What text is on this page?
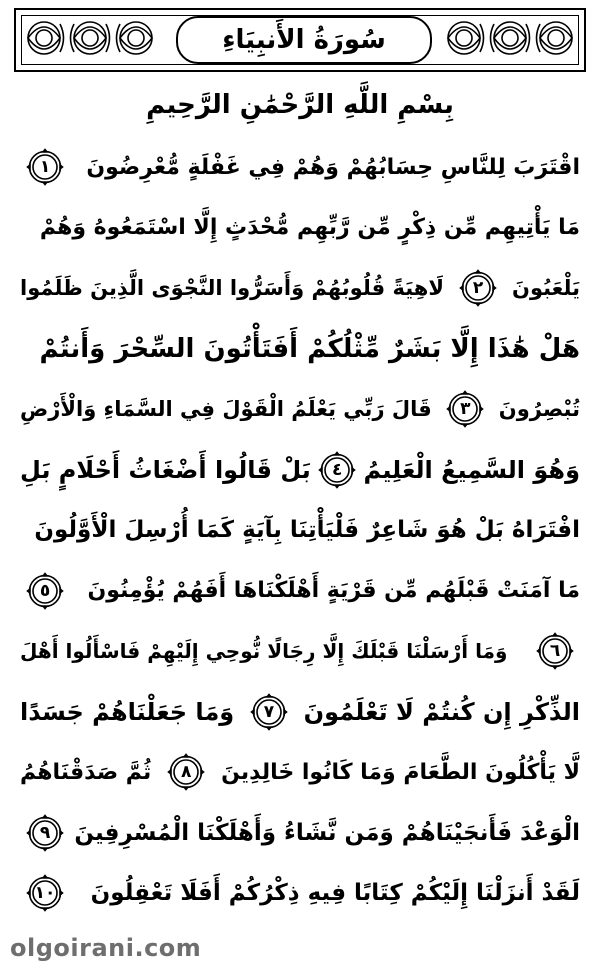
سُورَةُ الأَنبِيَاءِ
بِسْمِ اللَّهِ الرَّحْمَٰنِ الرَّحِيمِ
اقْتَرَبَ لِلنَّاسِ حِسَابُهُمْ وَهُمْ فِي غَفْلَةٍ مُّعْرِضُونَ
١
مَا يَأْتِيهِم مِّن ذِكْرٍ مِّن رَّبِّهِم مُّحْدَثٍ إِلَّا اسْتَمَعُوهُ وَهُمْ
يَلْعَبُونَ
٢
لَاهِيَةً قُلُوبُهُمْ وَأَسَرُّوا النَّجْوَى الَّذِينَ ظَلَمُوا
هَلْ هَٰذَا إِلَّا بَشَرٌ مِّثْلُكُمْ أَفَتَأْتُونَ السِّحْرَ وَأَنتُمْ
تُبْصِرُونَ
٣
قَالَ رَبِّي يَعْلَمُ الْقَوْلَ فِي السَّمَاءِ وَالْأَرْضِ
وَهُوَ السَّمِيعُ الْعَلِيمُ
٤
بَلْ قَالُوا أَضْغَاثُ أَحْلَامٍ بَلِ
افْتَرَاهُ بَلْ هُوَ شَاعِرٌ فَلْيَأْتِنَا بِآيَةٍ كَمَا أُرْسِلَ الْأَوَّلُونَ
مَا آمَنَتْ قَبْلَهُم مِّن قَرْيَةٍ أَهْلَكْنَاهَا أَفَهُمْ يُؤْمِنُونَ
٥
٦
وَمَا أَرْسَلْنَا قَبْلَكَ إِلَّا رِجَالًا نُّوحِي إِلَيْهِمْ فَاسْأَلُوا أَهْلَ
الذِّكْرِ إِن كُنتُمْ لَا تَعْلَمُونَ
٧
وَمَا جَعَلْنَاهُمْ جَسَدًا
لَّا يَأْكُلُونَ الطَّعَامَ وَمَا كَانُوا خَالِدِينَ
٨
ثُمَّ صَدَقْنَاهُمُ
الْوَعْدَ فَأَنجَيْنَاهُمْ وَمَن نَّشَاءُ وَأَهْلَكْنَا الْمُسْرِفِينَ
٩
لَقَدْ أَنزَلْنَا إِلَيْكُمْ كِتَابًا فِيهِ ذِكْرُكُمْ أَفَلَا تَعْقِلُونَ
١٠
olgoirani.com
